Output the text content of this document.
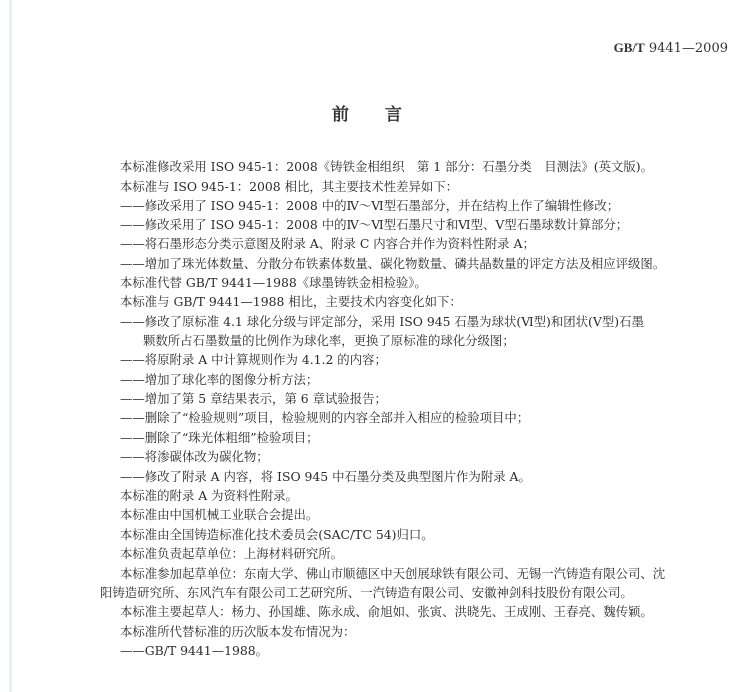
GB/T 9441—2009
前言
本标准修改采用 ISO 945-1：2008《铸铁金相组织　第 1 部分：石墨分类　目测法》(英文版)。
本标准与 ISO 945-1：2008 相比，其主要技术性差异如下：
——修改采用了 ISO 945-1：2008 中的Ⅳ～Ⅵ型石墨部分，并在结构上作了编辑性修改；
——修改采用了 ISO 945-1：2008 中的Ⅳ～Ⅵ型石墨尺寸和Ⅵ型、Ⅴ型石墨球数计算部分；
——将石墨形态分类示意图及附录 A、附录 C 内容合并作为资料性附录 A；
——增加了珠光体数量、分散分布铁素体数量、碳化物数量、磷共晶数量的评定方法及相应评级图。
本标准代替 GB/T 9441—1988《球墨铸铁金相检验》。
本标准与 GB/T 9441—1988 相比，主要技术内容变化如下：
——修改了原标准 4.1 球化分级与评定部分，采用 ISO 945 石墨为球状(Ⅵ型)和团状(Ⅴ型)石墨
颗数所占石墨数量的比例作为球化率，更换了原标准的球化分级图；
——将原附录 A 中计算规则作为 4.1.2 的内容；
——增加了球化率的图像分析方法；
——增加了第 5 章结果表示，第 6 章试验报告；
——删除了“检验规则”项目，检验规则的内容全部并入相应的检验项目中；
——删除了“珠光体粗细”检验项目；
——将渗碳体改为碳化物；
——修改了附录 A 内容，将 ISO 945 中石墨分类及典型图片作为附录 A。
本标准的附录 A 为资料性附录。
本标准由中国机械工业联合会提出。
本标准由全国铸造标准化技术委员会(SAC/TC 54)归口。
本标准负责起草单位：上海材料研究所。
本标准参加起草单位：东南大学、佛山市顺德区中天创展球铁有限公司、无锡一汽铸造有限公司、沈
阳铸造研究所、东风汽车有限公司工艺研究所、一汽铸造有限公司、安徽神剑科技股份有限公司。
本标准主要起草人：杨力、孙国雄、陈永成、俞旭如、张寅、洪晓先、王成刚、王春亮、魏传颖。
本标准所代替标准的历次版本发布情况为：
——GB/T 9441—1988。
